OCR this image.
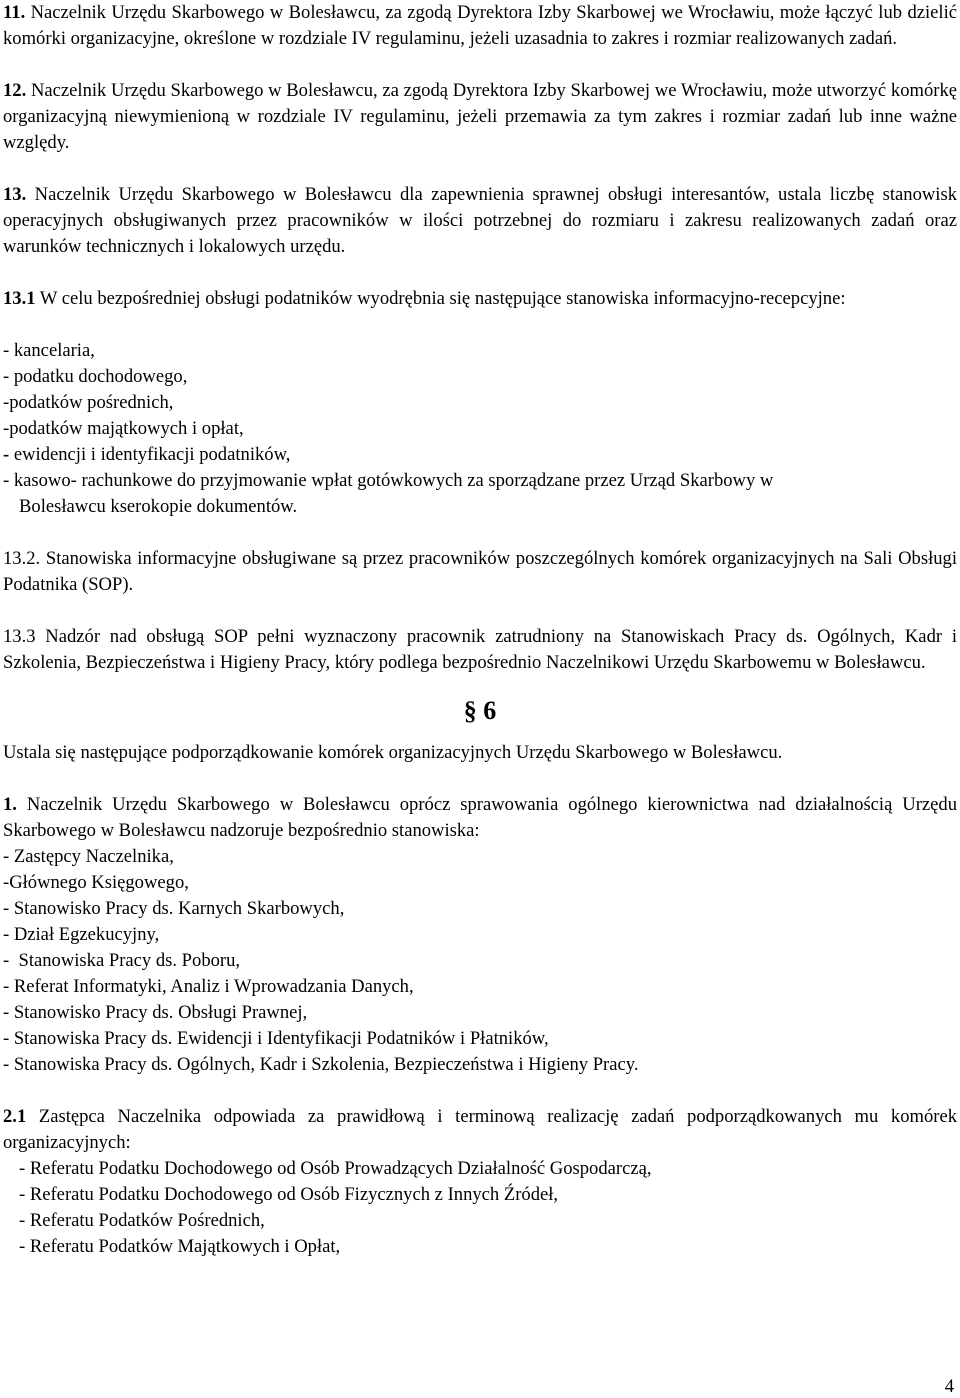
11. Naczelnik Urzędu Skarbowego w Bolesławcu, za zgodą Dyrektora Izby Skarbowej we Wrocławiu, może łączyć lub dzielić komórki organizacyjne, określone w rozdziale IV regulaminu, jeżeli uzasadnia to zakres i rozmiar realizowanych zadań.

12. Naczelnik Urzędu Skarbowego w Bolesławcu, za zgodą Dyrektora Izby Skarbowej we Wrocławiu, może utworzyć komórkę organizacyjną niewymienioną w rozdziale IV regulaminu, jeżeli przemawia za tym zakres i rozmiar zadań lub inne ważne względy.

13. Naczelnik Urzędu Skarbowego w Bolesławcu dla zapewnienia sprawnej obsługi interesantów, ustala liczbę stanowisk operacyjnych obsługiwanych przez pracowników w ilości potrzebnej do rozmiaru i zakresu realizowanych zadań oraz warunków technicznych i lokalowych urzędu.

13.1 W celu bezpośredniej obsługi podatników wyodrębnia się następujące stanowiska informacyjno-recepcyjne:

- kancelaria,
- podatku dochodowego,
-podatków pośrednich,
-podatków majątkowych i opłat,
- ewidencji i identyfikacji podatników,
- kasowo- rachunkowe do przyjmowanie wpłat gotówkowych za sporządzane przez Urząd Skarbowy w
Bolesławcu kserokopie dokumentów.

13.2. Stanowiska informacyjne obsługiwane są przez pracowników poszczególnych komórek organizacyjnych na Sali Obsługi Podatnika (SOP).

13.3 Nadzór nad obsługą SOP pełni wyznaczony pracownik zatrudniony na Stanowiskach Pracy ds. Ogólnych, Kadr i Szkolenia, Bezpieczeństwa i Higieny Pracy, który podlega bezpośrednio Naczelnikowi Urzędu Skarbowemu w Bolesławcu.

§ 6

Ustala się następujące podporządkowanie komórek organizacyjnych Urzędu Skarbowego w Bolesławcu.

1. Naczelnik Urzędu Skarbowego w Bolesławcu oprócz sprawowania ogólnego kierownictwa nad działalnością Urzędu Skarbowego w Bolesławcu nadzoruje bezpośrednio stanowiska:

- Zastępcy Naczelnika,
-Głównego Księgowego,
- Stanowisko Pracy ds. Karnych Skarbowych,
- Dział Egzekucyjny,
-  Stanowiska Pracy ds. Poboru,
- Referat Informatyki, Analiz i Wprowadzania Danych,
- Stanowisko Pracy ds. Obsługi Prawnej,
- Stanowiska Pracy ds. Ewidencji i Identyfikacji Podatników i Płatników,
- Stanowiska Pracy ds. Ogólnych, Kadr i Szkolenia, Bezpieczeństwa i Higieny Pracy.

2.1 Zastępca Naczelnika odpowiada za prawidłową i terminową realizację zadań podporządkowanych mu komórek organizacyjnych:

- Referatu Podatku Dochodowego od Osób Prowadzących Działalność Gospodarczą,
- Referatu Podatku Dochodowego od Osób Fizycznych z Innych Źródeł,
- Referatu Podatków Pośrednich,
- Referatu Podatków Majątkowych i Opłat,
4
